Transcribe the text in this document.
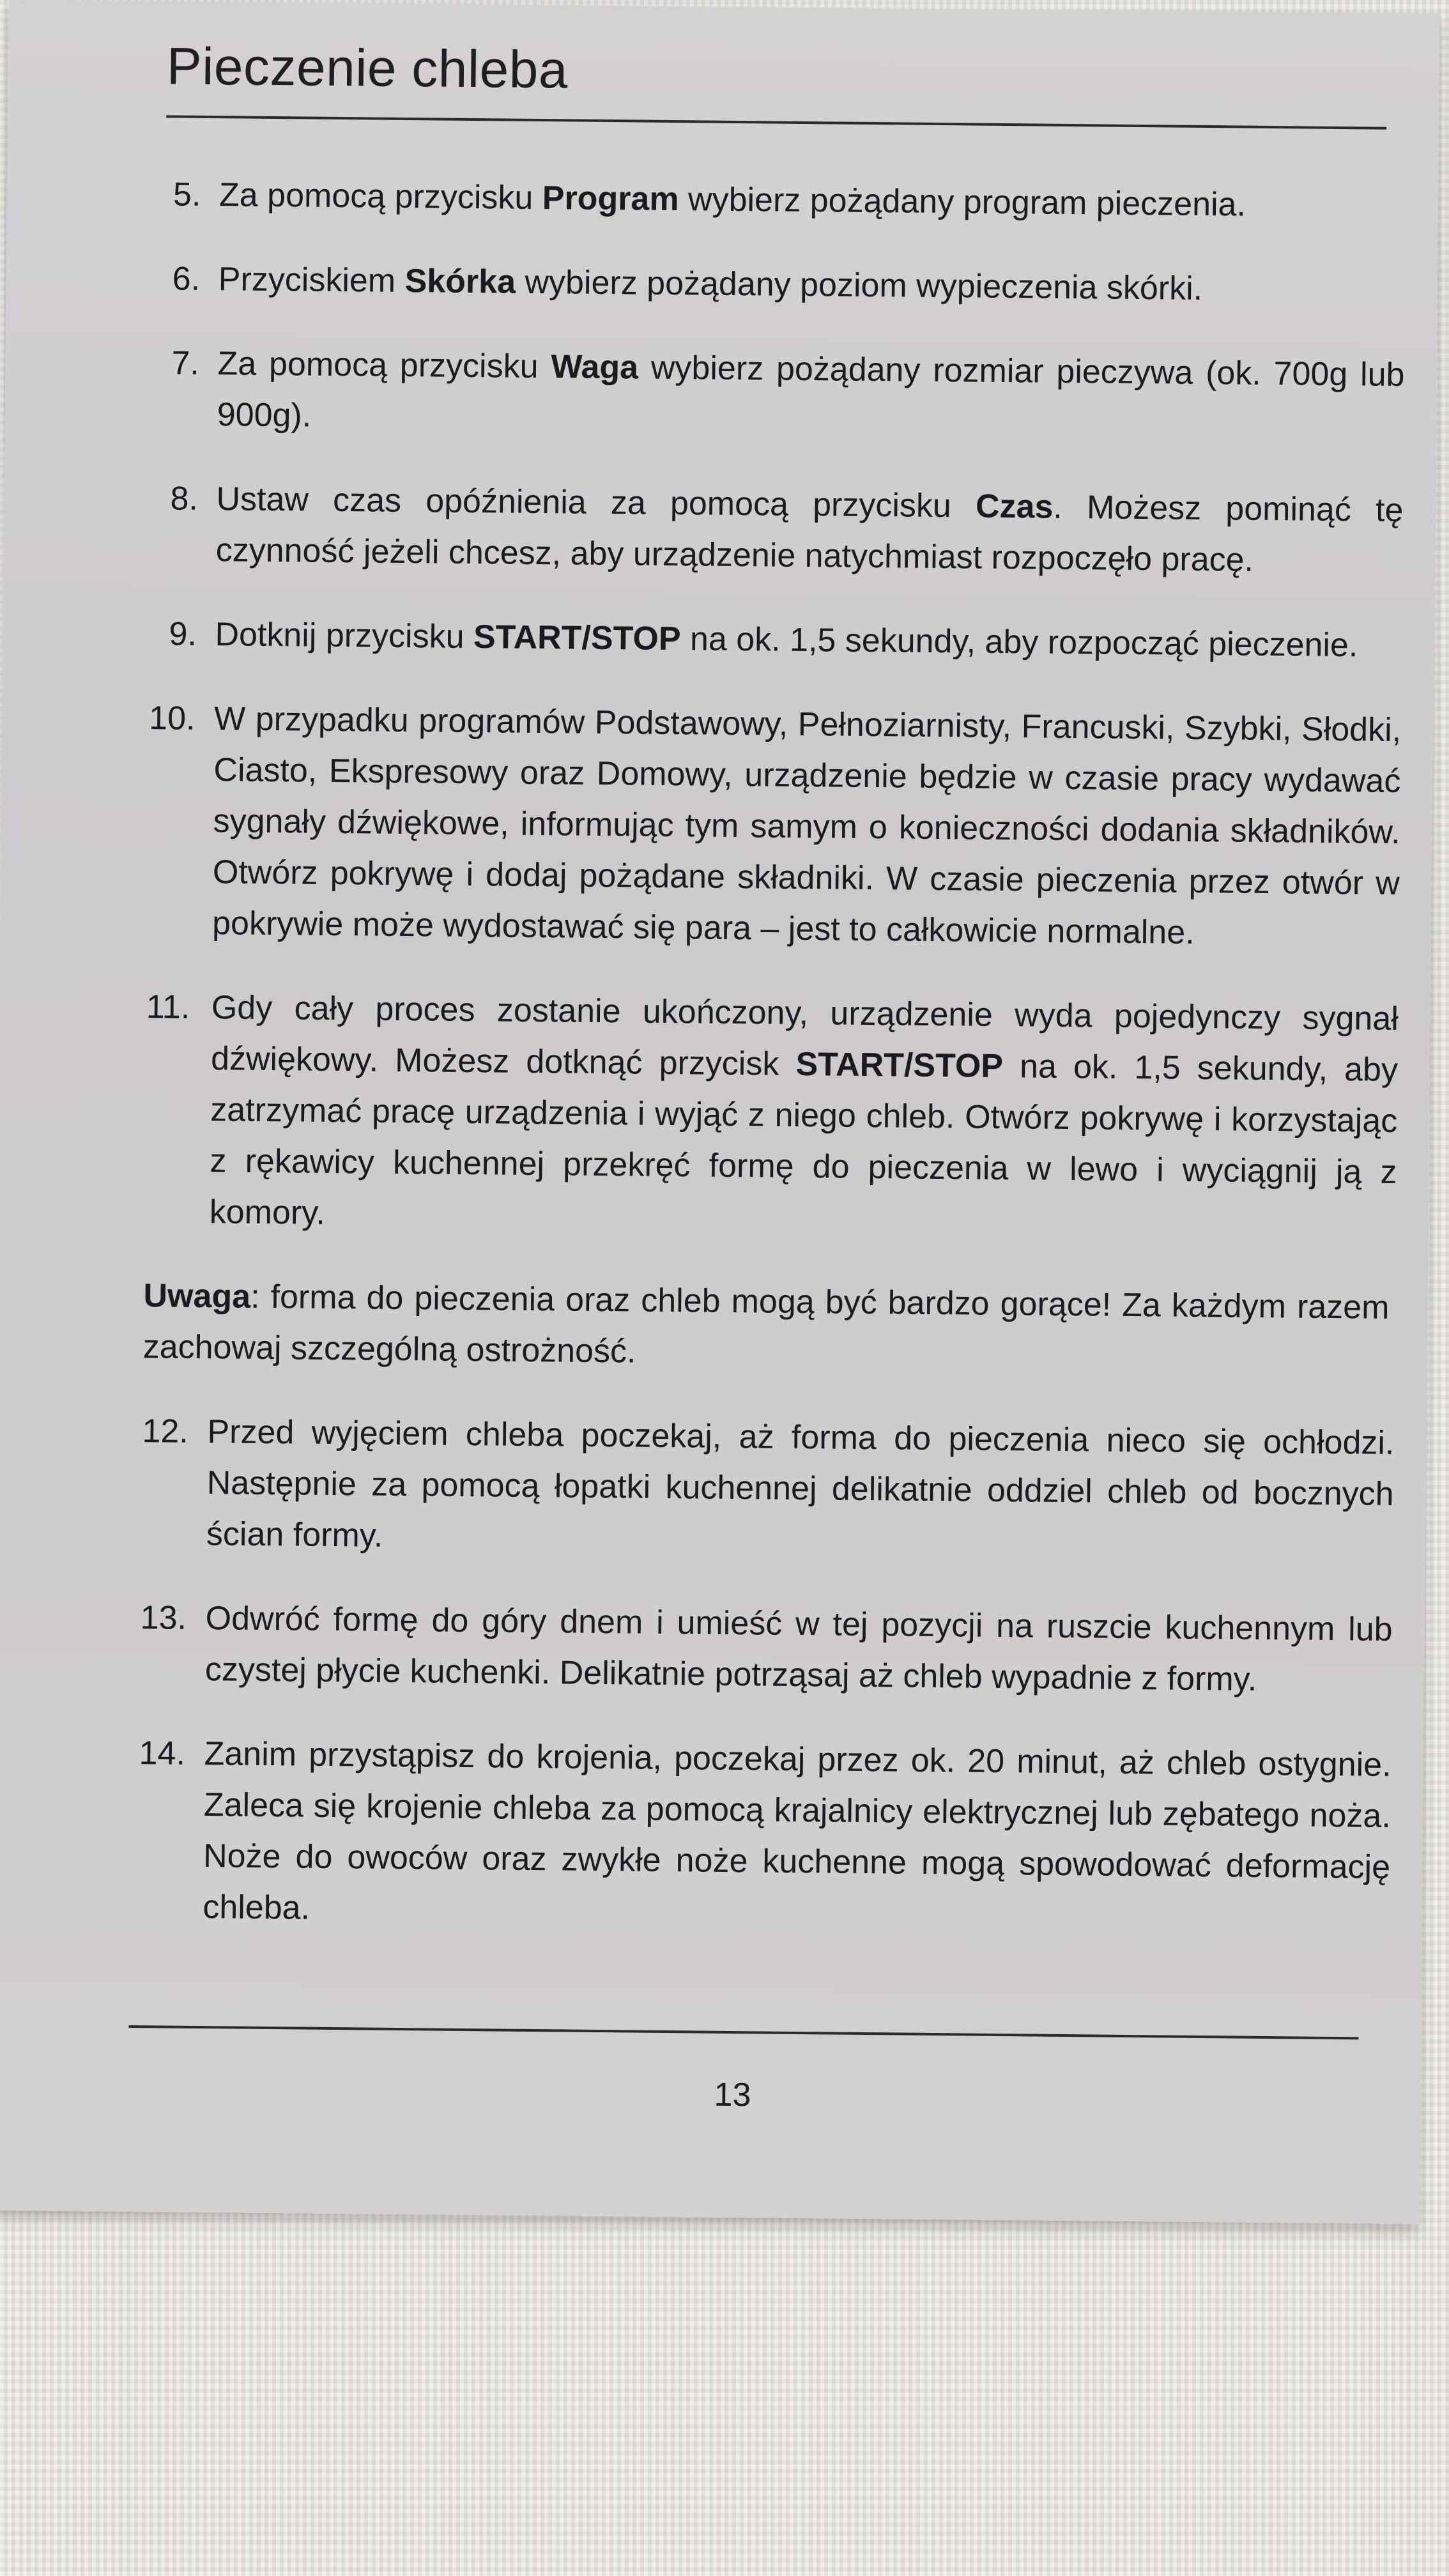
Pieczenie chleba
5. Za pomocą przycisku Program wybierz pożądany program pieczenia.
6. Przyciskiem Skórka wybierz pożądany poziom wypieczenia skórki.
7. Za pomocą przycisku Waga wybierz pożądany rozmiar pieczywa (ok. 700g lub 900g).
8. Ustaw czas opóźnienia za pomocą przycisku Czas. Możesz pominąć tę czynność jeżeli chcesz, aby urządzenie natychmiast rozpoczęło pracę.
9. Dotknij przycisku START/STOP na ok. 1,5 sekundy, aby rozpocząć pieczenie.
10. W przypadku programów Podstawowy, Pełnoziarnisty, Francuski, Szybki, Słodki, Ciasto, Ekspresowy oraz Domowy, urządzenie będzie w czasie pracy wydawać sygnały dźwiękowe, informując tym samym o konieczności dodania składników. Otwórz pokrywę i dodaj pożądane składniki. W czasie pieczenia przez otwór w pokrywie może wydostawać się para – jest to całkowicie normalne.
11. Gdy cały proces zostanie ukończony, urządzenie wyda pojedynczy sygnał dźwiękowy. Możesz dotknąć przycisk START/STOP na ok. 1,5 sekundy, aby zatrzymać pracę urządzenia i wyjąć z niego chleb. Otwórz pokrywę i korzystając z rękawicy kuchennej przekręć formę do pieczenia w lewo i wyciągnij ją z komory.
Uwaga: forma do pieczenia oraz chleb mogą być bardzo gorące! Za każdym razem zachowaj szczególną ostrożność.
12. Przed wyjęciem chleba poczekaj, aż forma do pieczenia nieco się ochłodzi. Następnie za pomocą łopatki kuchennej delikatnie oddziel chleb od bocznych ścian formy.
13. Odwróć formę do góry dnem i umieść w tej pozycji na ruszcie kuchennym lub czystej płycie kuchenki. Delikatnie potrząsaj aż chleb wypadnie z formy.
14. Zanim przystąpisz do krojenia, poczekaj przez ok. 20 minut, aż chleb ostygnie. Zaleca się krojenie chleba za pomocą krajalnicy elektrycznej lub zębatego noża. Noże do owoców oraz zwykłe noże kuchenne mogą spowodować deformację chleba.
13
